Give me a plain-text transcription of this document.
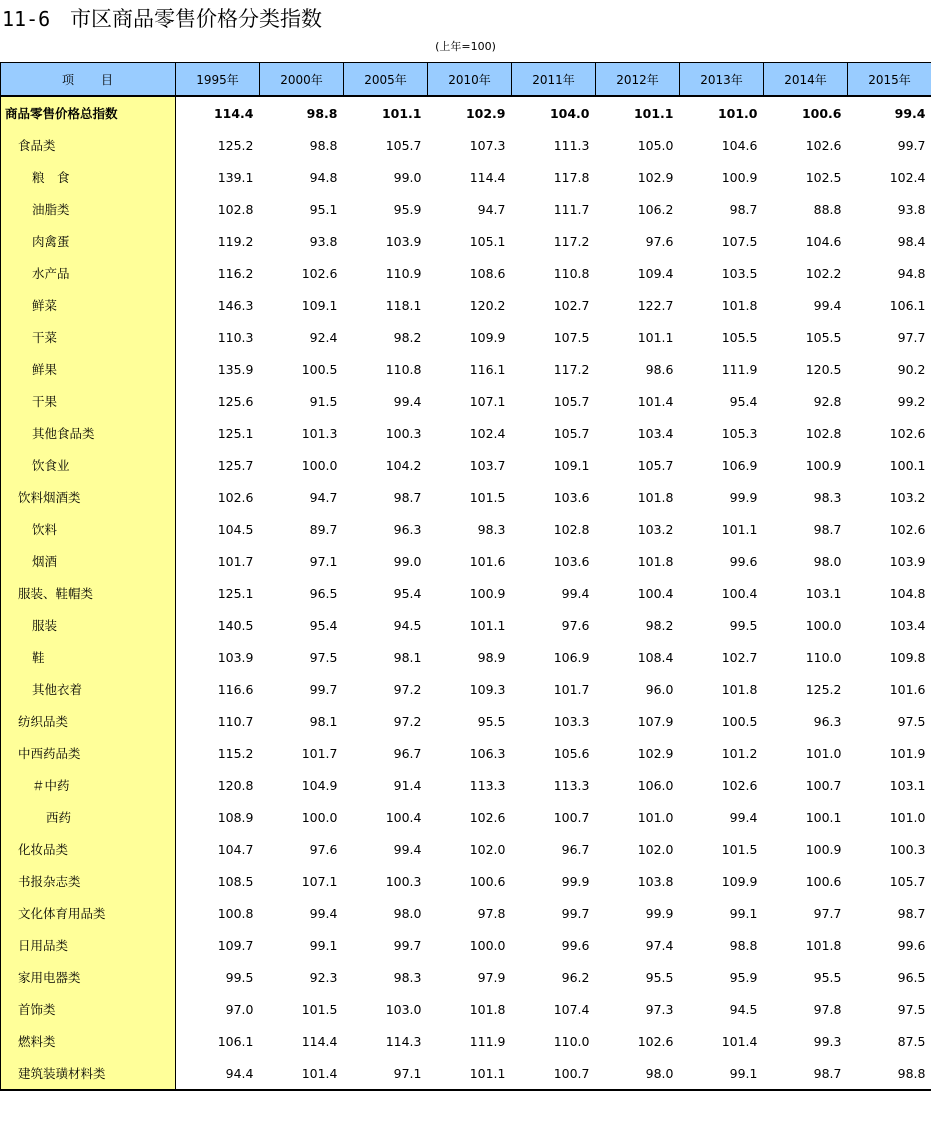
11-6 市区商品零售价格分类指数
(上年=100)
项　　目	1995年	2000年	2005年	2010年	2011年	2012年	2013年	2014年	2015年
商品零售价格总指数	114.4	98.8	101.1	102.9	104.0	101.1	101.0	100.6	99.4
食品类	125.2	98.8	105.7	107.3	111.3	105.0	104.6	102.6	99.7
粮　食	139.1	94.8	99.0	114.4	117.8	102.9	100.9	102.5	102.4
油脂类	102.8	95.1	95.9	94.7	111.7	106.2	98.7	88.8	93.8
肉禽蛋	119.2	93.8	103.9	105.1	117.2	97.6	107.5	104.6	98.4
水产品	116.2	102.6	110.9	108.6	110.8	109.4	103.5	102.2	94.8
鲜菜	146.3	109.1	118.1	120.2	102.7	122.7	101.8	99.4	106.1
干菜	110.3	92.4	98.2	109.9	107.5	101.1	105.5	105.5	97.7
鲜果	135.9	100.5	110.8	116.1	117.2	98.6	111.9	120.5	90.2
干果	125.6	91.5	99.4	107.1	105.7	101.4	95.4	92.8	99.2
其他食品类	125.1	101.3	100.3	102.4	105.7	103.4	105.3	102.8	102.6
饮食业	125.7	100.0	104.2	103.7	109.1	105.7	106.9	100.9	100.1
饮料烟酒类	102.6	94.7	98.7	101.5	103.6	101.8	99.9	98.3	103.2
饮料	104.5	89.7	96.3	98.3	102.8	103.2	101.1	98.7	102.6
烟酒	101.7	97.1	99.0	101.6	103.6	101.8	99.6	98.0	103.9
服装、鞋帽类	125.1	96.5	95.4	100.9	99.4	100.4	100.4	103.1	104.8
服装	140.5	95.4	94.5	101.1	97.6	98.2	99.5	100.0	103.4
鞋	103.9	97.5	98.1	98.9	106.9	108.4	102.7	110.0	109.8
其他衣着	116.6	99.7	97.2	109.3	101.7	96.0	101.8	125.2	101.6
纺织品类	110.7	98.1	97.2	95.5	103.3	107.9	100.5	96.3	97.5
中西药品类	115.2	101.7	96.7	106.3	105.6	102.9	101.2	101.0	101.9
＃中药	120.8	104.9	91.4	113.3	113.3	106.0	102.6	100.7	103.1
西药	108.9	100.0	100.4	102.6	100.7	101.0	99.4	100.1	101.0
化妆品类	104.7	97.6	99.4	102.0	96.7	102.0	101.5	100.9	100.3
书报杂志类	108.5	107.1	100.3	100.6	99.9	103.8	109.9	100.6	105.7
文化体育用品类	100.8	99.4	98.0	97.8	99.7	99.9	99.1	97.7	98.7
日用品类	109.7	99.1	99.7	100.0	99.6	97.4	98.8	101.8	99.6
家用电器类	99.5	92.3	98.3	97.9	96.2	95.5	95.9	95.5	96.5
首饰类	97.0	101.5	103.0	101.8	107.4	97.3	94.5	97.8	97.5
燃料类	106.1	114.4	114.3	111.9	110.0	102.6	101.4	99.3	87.5
建筑装璜材料类	94.4	101.4	97.1	101.1	100.7	98.0	99.1	98.7	98.8
